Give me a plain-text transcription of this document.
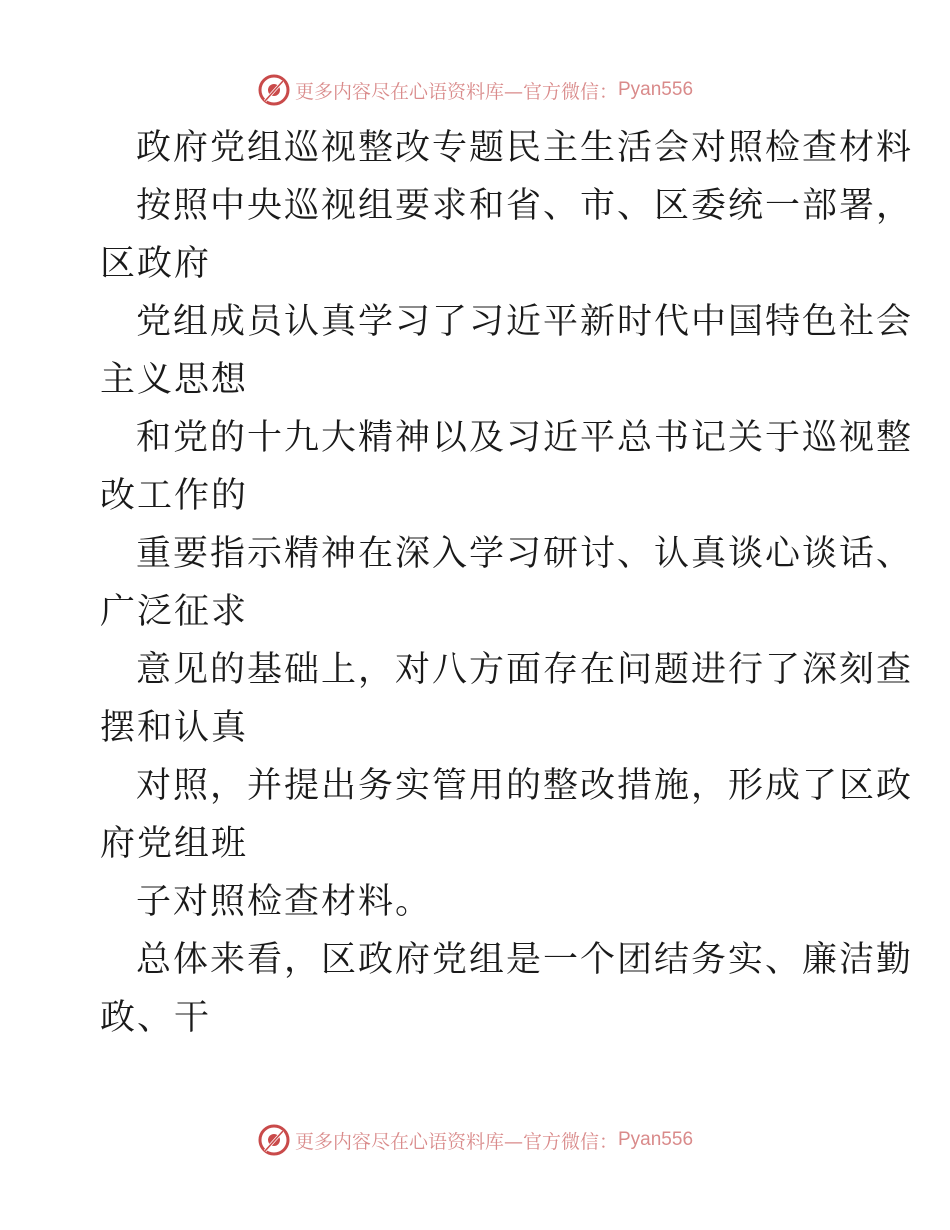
更多内容尽在心语资料库—官方微信： Pyan556
政府党组巡视整改专题民主生活会对照检查材料
按照中央巡视组要求和省、市、区委统一部署，
区政府
党组成员认真学习了习近平新时代中国特色社会
主义思想
和党的十九大精神以及习近平总书记关于巡视整
改工作的
重要指示精神在深入学习研讨、认真谈心谈话、
广泛征求
意见的基础上，对八方面存在问题进行了深刻查
摆和认真
对照，并提出务实管用的整改措施，形成了区政
府党组班
子对照检查材料。
总体来看，区政府党组是一个团结务实、廉洁勤
政、干
更多内容尽在心语资料库—官方微信： Pyan556
